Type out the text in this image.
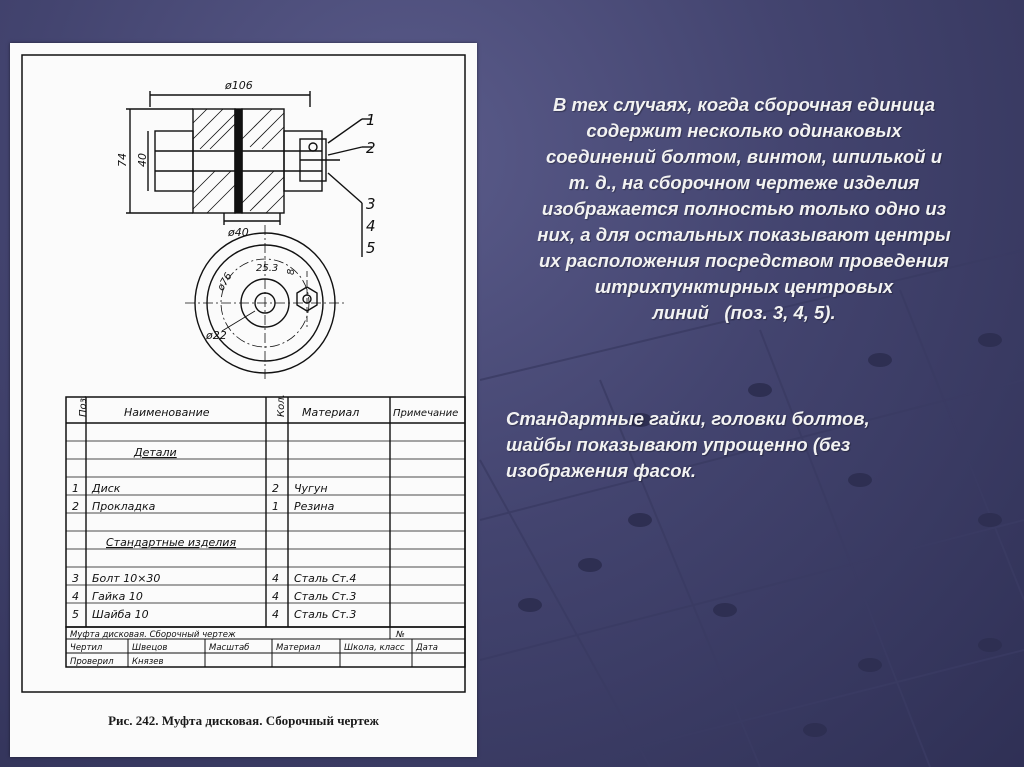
ø106
ø40
74 40
1
2
3
4
5
ø76
25.3 8
ø22
Поз.	Наименование	Кол. Материал	Примечание
Детали
1 Диск	2 Чугун
2 Прокладка	1 Резина
Стандартные изделия
3 Болт 10×30	4 Сталь Ст.4
4 Гайка 10	4 Сталь Ст.3
5 Шайба 10	4 Сталь Ст.3
Муфта дисковая. Сборочный чертеж	№
Чертил	Швецов	Масштаб	Материал	Школа, класс Дата
Проверил Князев
Рис. 242. Муфта дисковая. Сборочный чертеж
В тех случаях, когда сборочная единица
содержит несколько одинаковых
соединений болтом, винтом, шпилькой и
т. д., на сборочном чертеже изделия
изображается полностью только одно из
них, а для остальных показывают центры
их расположения посредством проведения
штрихпунктирных центровых
линий   (поз. 3, 4, 5).
Стандартные гайки, головки болтов,
шайбы показывают упрощенно (без
изображения фасок.
